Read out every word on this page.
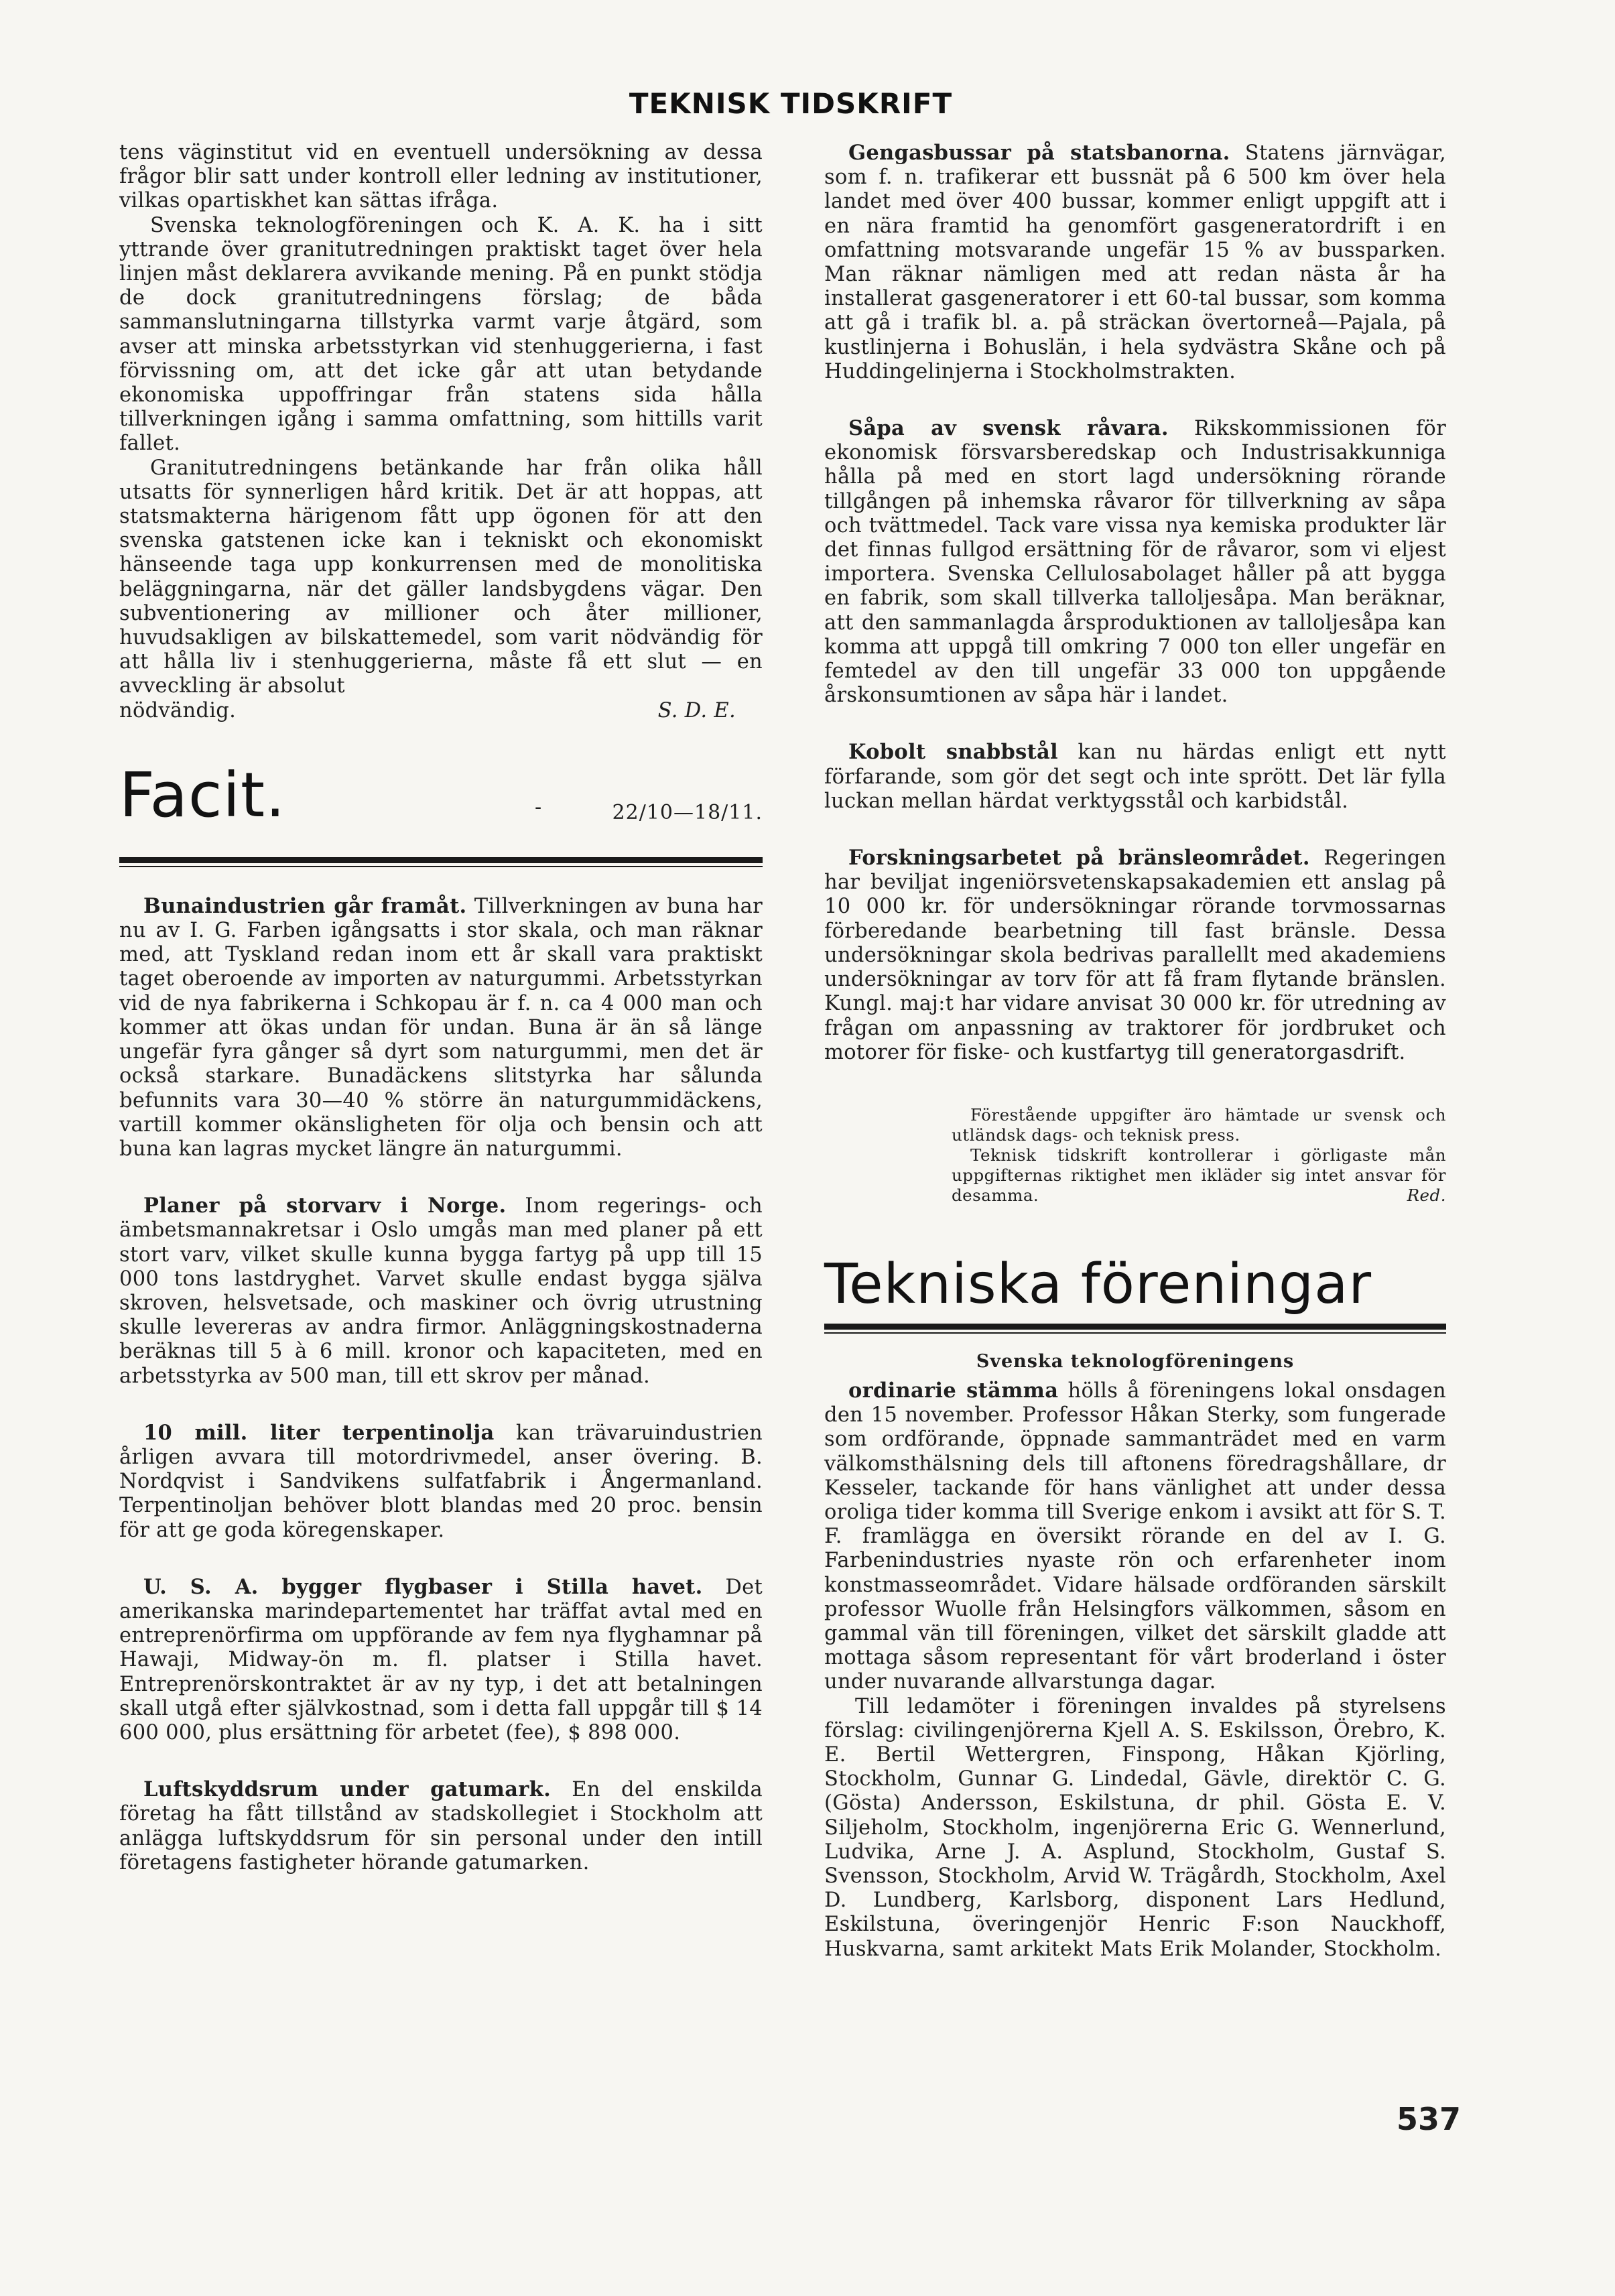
TEKNISK TIDSKRIFT

tens väginstitut vid en eventuell undersökning av dessa frågor blir satt under kontroll eller ledning av institutioner, vilkas opartiskhet kan sättas ifråga.

Svenska teknologföreningen och K. A. K. ha i sitt yttrande över granitutredningen praktiskt taget över hela linjen måst deklarera avvikande mening. På en punkt stödja de dock granitutredningens förslag; de båda sammanslutningarna tillstyrka varmt varje åtgärd, som avser att minska arbetsstyrkan vid stenhuggerierna, i fast förvissning om, att det icke går att utan betydande ekonomiska uppoffringar från statens sida hålla tillverkningen igång i samma omfattning, som hittills varit fallet.

Granitutredningens betänkande har från olika håll utsatts för synnerligen hård kritik. Det är att hoppas, att statsmakterna härigenom fått upp ögonen för att den svenska gatstenen icke kan i tekniskt och ekonomiskt hänseende taga upp konkurrensen med de monolitiska beläggningarna, när det gäller landsbygdens vägar. Den subventionering av millioner och åter millioner, huvudsakligen av bilskattemedel, som varit nödvändig för att hålla liv i stenhuggerierna, måste få ett slut — en avveckling är absolut

nödvändig.	S. D. E.

Facit.	-	22/10—18/11.

Bunaindustrien går framåt. Tillverkningen av buna har nu av I. G. Farben igångsatts i stor skala, och man räknar med, att Tyskland redan inom ett år skall vara praktiskt taget oberoende av importen av naturgummi. Arbetsstyrkan vid de nya fabrikerna i Schkopau är f. n. ca 4 000 man och kommer att ökas undan för undan. Buna är än så länge ungefär fyra gånger så dyrt som naturgummi, men det är också starkare. Bunadäckens slitstyrka har sålunda befunnits vara 30—40 % större än naturgummidäckens, vartill kommer okänsligheten för olja och bensin och att buna kan lagras mycket längre än naturgummi.

Planer på storvarv i Norge. Inom regerings- och ämbetsmannakretsar i Oslo umgås man med planer på ett stort varv, vilket skulle kunna bygga fartyg på upp till 15 000 tons lastdryghet. Varvet skulle endast bygga själva skroven, helsvetsade, och maskiner och övrig utrustning skulle levereras av andra firmor. Anläggningskostnaderna beräknas till 5 à 6 mill. kronor och kapaciteten, med en arbetsstyrka av 500 man, till ett skrov per månad.

10 mill. liter terpentinolja kan trävaruindustrien årligen avvara till motordrivmedel, anser övering. B. Nordqvist i Sandvikens sulfatfabrik i Ångermanland. Terpentinoljan behöver blott blandas med 20 proc. bensin för att ge goda köregenskaper.

U. S. A. bygger flygbaser i Stilla havet. Det amerikanska marindepartementet har träffat avtal med en entreprenörfirma om uppförande av fem nya flyghamnar på Hawaji, Midway-ön m. fl. platser i Stilla havet. Entreprenörskontraktet är av ny typ, i det att betalningen skall utgå efter självkostnad, som i detta fall uppgår till $ 14 600 000, plus ersättning för arbetet (fee), $ 898 000.

Luftskyddsrum under gatumark. En del enskilda företag ha fått tillstånd av stadskollegiet i Stockholm att anlägga luftskyddsrum för sin personal under den intill företagens fastigheter hörande gatumarken.

Gengasbussar på statsbanorna. Statens järnvägar, som f. n. trafikerar ett bussnät på 6 500 km över hela landet med över 400 bussar, kommer enligt uppgift att i en nära framtid ha genomfört gasgeneratordrift i en omfattning motsvarande ungefär 15 % av bussparken. Man räknar nämligen med att redan nästa år ha installerat gasgeneratorer i ett 60-tal bussar, som komma att gå i trafik bl. a. på sträckan övertorneå—Pajala, på kustlinjerna i Bohuslän, i hela sydvästra Skåne och på Huddingelinjerna i Stockholmstrakten.

Såpa av svensk råvara. Rikskommissionen för ekonomisk försvarsberedskap och Industrisakkunniga hålla på med en stort lagd undersökning rörande tillgången på inhemska råvaror för tillverkning av såpa och tvättmedel. Tack vare vissa nya kemiska produkter lär det finnas fullgod ersättning för de råvaror, som vi eljest importera. Svenska Cellulosabolaget håller på att bygga en fabrik, som skall tillverka talloljesåpa. Man beräknar, att den sammanlagda årsproduktionen av talloljesåpa kan komma att uppgå till omkring 7 000 ton eller ungefär en femtedel av den till ungefär 33 000 ton uppgående årskonsumtionen av såpa här i landet.

Kobolt snabbstål kan nu härdas enligt ett nytt förfarande, som gör det segt och inte sprött. Det lär fylla luckan mellan härdat verktygsstål och karbidstål.

Forskningsarbetet på bränsleområdet. Regeringen har beviljat ingeniörsvetenskapsakademien ett anslag på 10 000 kr. för undersökningar rörande torvmossarnas förberedande bearbetning till fast bränsle. Dessa undersökningar skola bedrivas parallellt med akademiens undersökningar av torv för att få fram flytande bränslen. Kungl. maj:t har vidare anvisat 30 000 kr. för utredning av frågan om anpassning av traktorer för jordbruket och motorer för fiske- och kustfartyg till generatorgasdrift.

Förestående uppgifter äro hämtade ur svensk och utländsk dags- och teknisk press.

Teknisk tidskrift kontrollerar i görligaste mån uppgifternas riktighet men ikläder sig intet ansvar för desamma.	Red.

Tekniska föreningar
Svenska teknologföreningens

ordinarie stämma hölls å föreningens lokal onsdagen den 15 november. Professor Håkan Sterky, som fungerade som ordförande, öppnade sammanträdet med en varm välkomsthälsning dels till aftonens föredragshållare, dr Kesseler, tackande för hans vänlighet att under dessa oroliga tider komma till Sverige enkom i avsikt att för S. T. F. framlägga en översikt rörande en del av I. G. Farbenindustries nyaste rön och erfarenheter inom konstmasseområdet. Vidare hälsade ordföranden särskilt professor Wuolle från Helsingfors välkommen, såsom en gammal vän till föreningen, vilket det särskilt gladde att mottaga såsom representant för vårt broderland i öster under nuvarande allvarstunga dagar.

Till ledamöter i föreningen invaldes på styrelsens förslag: civilingenjörerna Kjell A. S. Eskilsson, Örebro, K. E. Bertil Wettergren, Finspong, Håkan Kjörling, Stockholm, Gunnar G. Lindedal, Gävle, direktör C. G. (Gösta) Andersson, Eskilstuna, dr phil. Gösta E. V. Siljeholm, Stockholm, ingenjörerna Eric G. Wennerlund, Ludvika, Arne J. A. Asplund, Stockholm, Gustaf S. Svensson, Stockholm, Arvid W. Trägårdh, Stockholm, Axel D. Lundberg, Karlsborg, disponent Lars Hedlund, Eskilstuna, överingenjör Henric F:son Nauckhoff, Huskvarna, samt arkitekt Mats Erik Molander, Stockholm.

537
